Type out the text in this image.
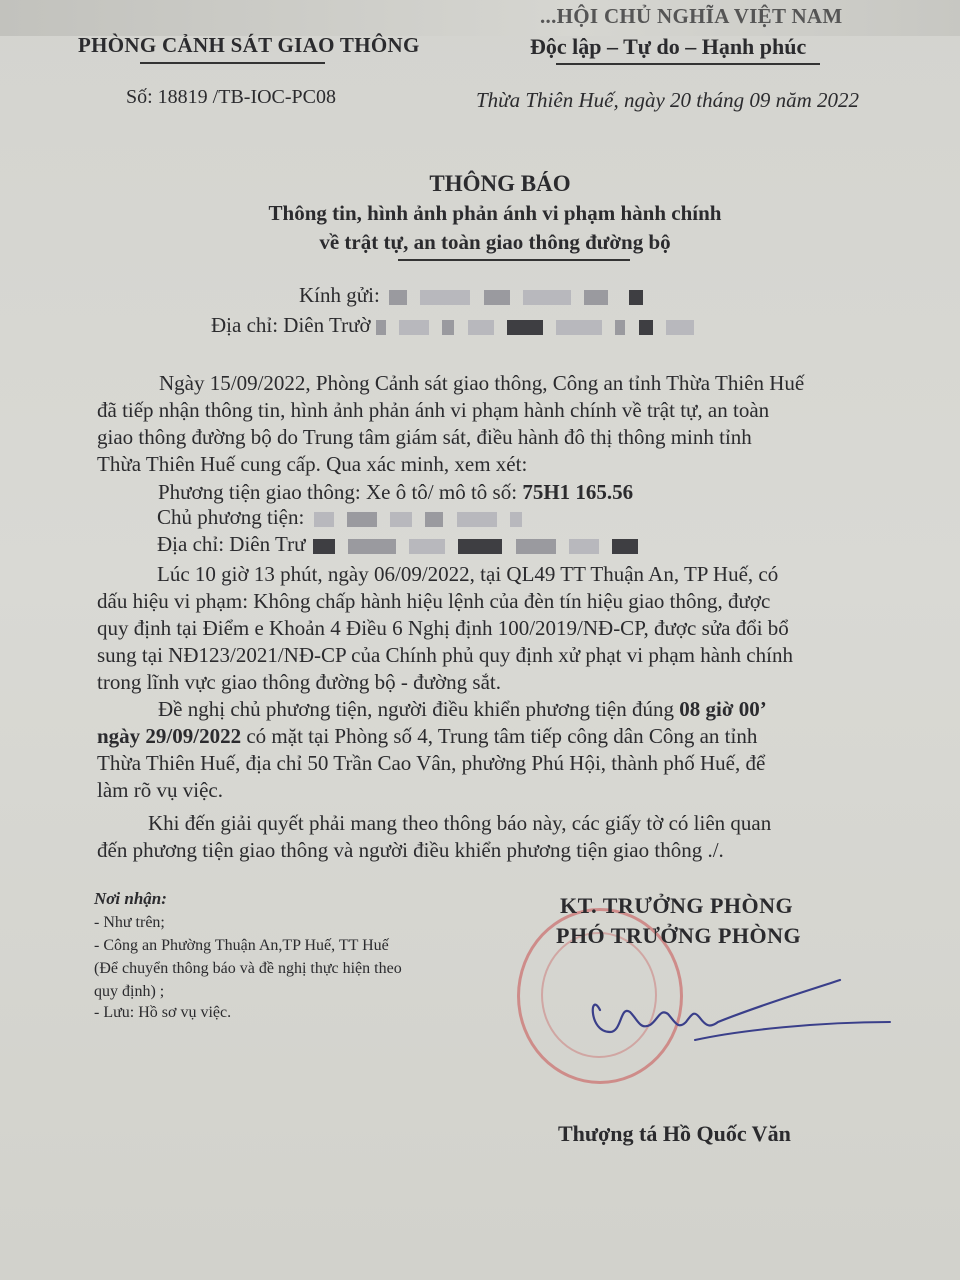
...HỘI CHỦ NGHĨA VIỆT NAM
PHÒNG CẢNH SÁT GIAO THÔNG	Độc lập – Tự do – Hạnh phúc
Số: 18819 /TB-IOC-PC08	Thừa Thiên Huế, ngày 20 tháng 09 năm 2022
THÔNG BÁO
Thông tin, hình ảnh phản ánh vi phạm hành chính
về trật tự, an toàn giao thông đường bộ
Kính gửi:
Địa chỉ: Diên Trườ
Ngày 15/09/2022, Phòng Cảnh sát giao thông, Công an tỉnh Thừa Thiên Huế
đã tiếp nhận thông tin, hình ảnh phản ánh vi phạm hành chính về trật tự, an toàn
giao thông đường bộ do Trung tâm giám sát, điều hành đô thị thông minh tỉnh
Thừa Thiên Huế cung cấp. Qua xác minh, xem xét:
Phương tiện giao thông: Xe ô tô/ mô tô số: 75H1 165.56
Chủ phương tiện:
Địa chỉ: Diên Trư
Lúc 10 giờ 13 phút, ngày 06/09/2022, tại QL49 TT Thuận An, TP Huế, có
dấu hiệu vi phạm: Không chấp hành hiệu lệnh của đèn tín hiệu giao thông, được
quy định tại Điểm e Khoản 4 Điều 6 Nghị định 100/2019/NĐ-CP, được sửa đổi bổ
sung tại NĐ123/2021/NĐ-CP của Chính phủ quy định xử phạt vi phạm hành chính
trong lĩnh vực giao thông đường bộ - đường sắt.
Đề nghị chủ phương tiện, người điều khiển phương tiện đúng 08 giờ 00’
ngày 29/09/2022 có mặt tại Phòng số 4, Trung tâm tiếp công dân Công an tỉnh
Thừa Thiên Huế, địa chỉ 50 Trần Cao Vân, phường Phú Hội, thành phố Huế, để
làm rõ vụ việc.
Khi đến giải quyết phải mang theo thông báo này, các giấy tờ có liên quan
đến phương tiện giao thông và người điều khiển phương tiện giao thông ./.
Nơi nhận:
- Như trên;
- Công an Phường Thuận An,TP Huế, TT Huế
(Để chuyển thông báo và đề nghị thực hiện theo
quy định) ;
- Lưu: Hồ sơ vụ việc.
KT. TRƯỞNG PHÒNG
PHÓ TRƯỞNG PHÒNG
Thượng tá Hồ Quốc Văn
